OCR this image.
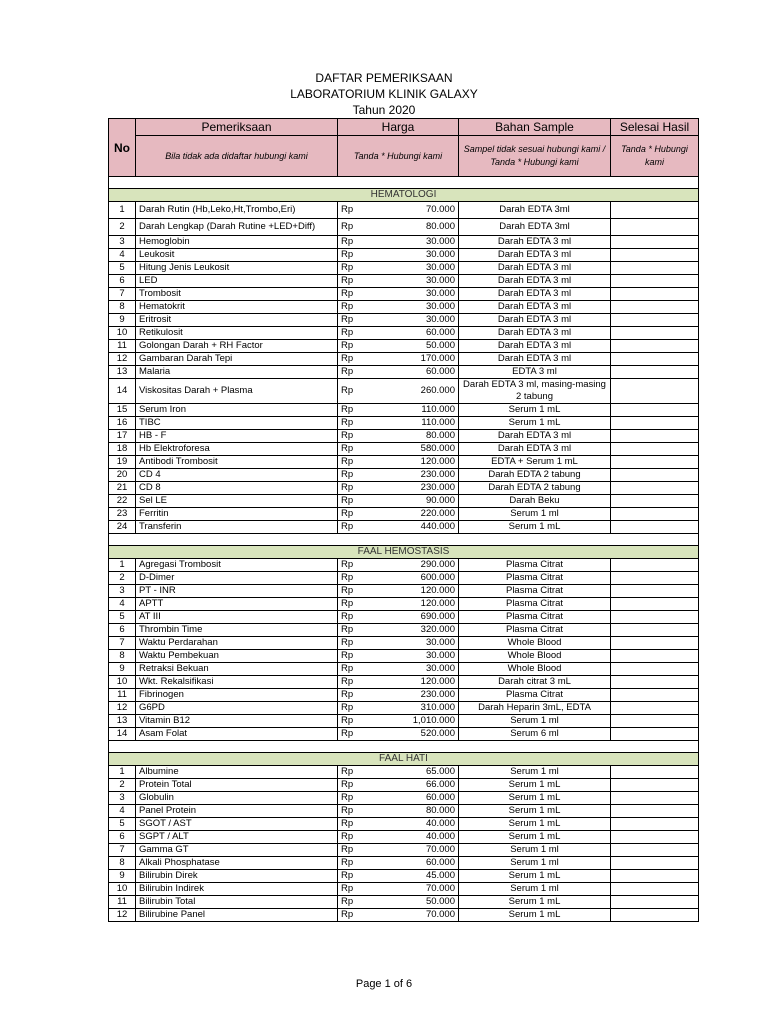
DAFTAR PEMERIKSAAN
LABORATORIUM KLINIK GALAXY
Tahun 2020
No	Pemeriksaan	Harga		Bahan Sample	Selesai Hasil
	Bila tidak ada didaftar hubungi kami	Tanda * Hubungi kami		Sampel tidak sesuai hubungi kami / Tanda * Hubungi kami	Tanda * Hubungi kami

HEMATOLOGI					
1	Darah Rutin (Hb,Leko,Ht,Trombo,Eri)	Rp	70.000	Darah EDTA 3ml	
2	Darah Lengkap (Darah Rutine +LED+Diff)	Rp	80.000	Darah EDTA 3ml	
3	Hemoglobin	Rp	30.000	Darah EDTA 3 ml	
4	Leukosit	Rp	30.000	Darah EDTA 3 ml	
5	Hitung Jenis Leukosit	Rp	30.000	Darah EDTA 3 ml	
6	LED	Rp	30.000	Darah EDTA 3 ml	
7	Trombosit	Rp	30.000	Darah EDTA 3 ml	
8	Hematokrit	Rp	30.000	Darah EDTA 3 ml	
9	Eritrosit	Rp	30.000	Darah EDTA 3 ml	
10	Retikulosit	Rp	60.000	Darah EDTA 3 ml	
11	Golongan Darah + RH Factor	Rp	50.000	Darah EDTA 3 ml	
12	Gambaran Darah Tepi	Rp	170.000	Darah EDTA 3 ml	
13	Malaria	Rp	60.000	EDTA 3 ml	
14	Viskositas Darah + Plasma	Rp	260.000	Darah EDTA 3 ml, masing-masing 2 tabung	
15	Serum Iron	Rp	110.000	Serum 1 mL	
16	TIBC	Rp	110.000	Serum 1 mL	
17	HB - F	Rp	80.000	Darah EDTA 3 ml	
18	Hb Elektroforesa	Rp	580.000	Darah EDTA 3 ml	
19	Antibodi Trombosit	Rp	120.000	EDTA + Serum 1 mL	
20	CD 4	Rp	230.000	Darah EDTA 2 tabung	
21	CD 8	Rp	230.000	Darah EDTA 2 tabung	
22	Sel LE	Rp	90.000	Darah Beku	
23	Ferritin	Rp	220.000	Serum 1 ml	
24	Transferin	Rp	440.000	Serum 1 mL	

FAAL HEMOSTASIS					
1	Agregasi Trombosit	Rp	290.000	Plasma Citrat	
2	D-Dimer	Rp	600.000	Plasma Citrat	
3	PT - INR	Rp	120.000	Plasma Citrat	
4	APTT	Rp	120.000	Plasma Citrat	
5	AT III	Rp	690.000	Plasma Citrat	
6	Thrombin Time	Rp	320.000	Plasma Citrat	
7	Waktu Perdarahan	Rp	30.000	Whole Blood	
8	Waktu Pembekuan	Rp	30.000	Whole Blood	
9	Retraksi Bekuan	Rp	30.000	Whole Blood	
10	Wkt. Rekalsifikasi	Rp	120.000	Darah citrat 3 mL	
11	Fibrinogen	Rp	230.000	Plasma Citrat	
12	G6PD	Rp	310.000	Darah Heparin 3mL, EDTA	
13	Vitamin B12	Rp	1,010.000	Serum 1 ml	
14	Asam Folat	Rp	520.000	Serum 6 ml	

FAAL HATI					
1	Albumine	Rp	65.000	Serum 1 ml	
2	Protein Total	Rp	66.000	Serum 1 mL	
3	Globulin	Rp	60.000	Serum 1 mL	
4	Panel Protein	Rp	80.000	Serum 1 mL	
5	SGOT / AST	Rp	40.000	Serum 1 mL	
6	SGPT / ALT	Rp	40.000	Serum 1 mL	
7	Gamma GT	Rp	70.000	Serum 1 ml	
8	Alkali Phosphatase	Rp	60.000	Serum 1 ml	
9	Bilirubin Direk	Rp	45.000	Serum 1 mL	
10	Bilirubin Indirek	Rp	70.000	Serum 1 ml	
11	Bilirubin Total	Rp	50.000	Serum 1 mL	
12	Bilirubine Panel	Rp	70.000	Serum 1 mL	
Page 1 of 6
